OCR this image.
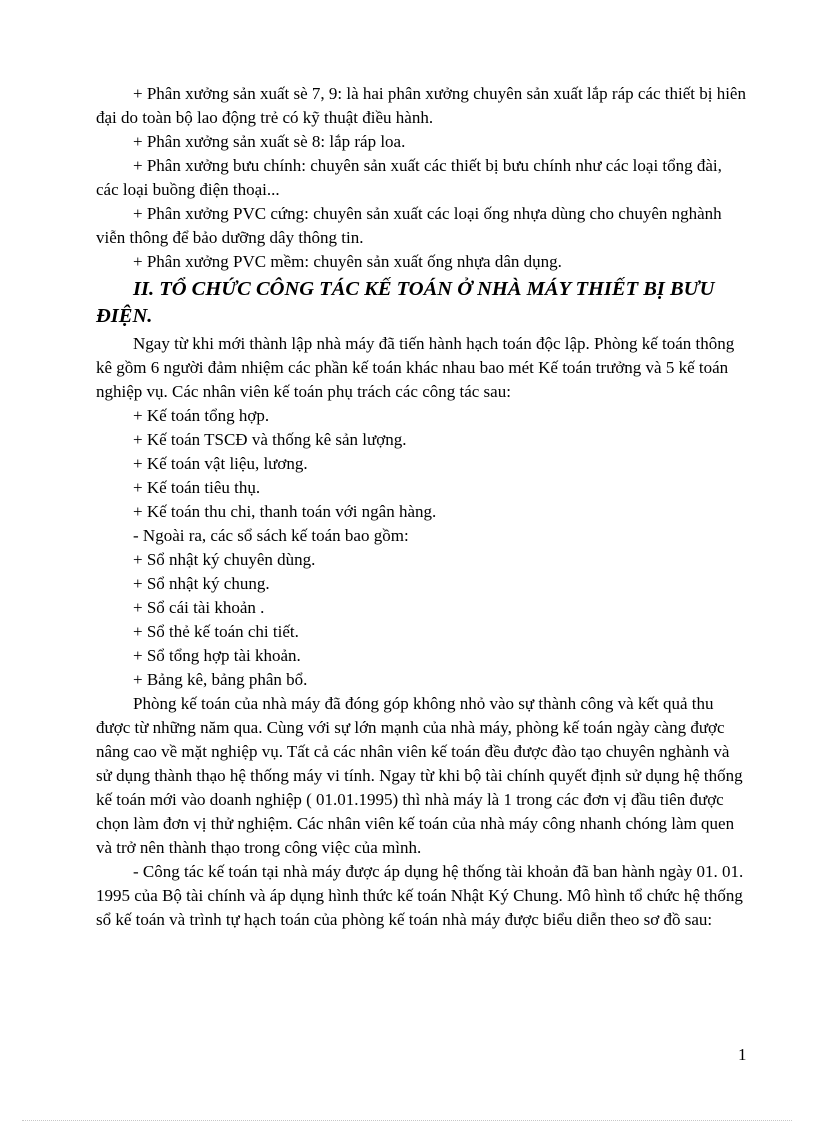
+ Phân xưởng sản xuất sè 7, 9: là hai phân xưởng chuyên sản xuất lắp ráp các thiết bị hiên đại do toàn bộ lao động trẻ có kỹ thuật điều hành.

+ Phân xưởng sản xuất sè 8: lắp ráp loa.

+ Phân xưởng bưu chính: chuyên sản xuất các thiết bị bưu chính như các loại tổng đài, các loại buồng điện thoại...

+ Phân xưởng PVC cứng: chuyên sản xuất các loại ống nhựa dùng cho chuyên nghành viễn thông để bảo dưỡng dây thông tin.

+ Phân xưởng PVC mềm: chuyên sản xuất ống nhựa dân dụng.

II. TỔ CHỨC CÔNG TÁC KẾ TOÁN Ở NHÀ MÁY THIẾT BỊ BƯU ĐIỆN.

Ngay từ khi mới thành lập nhà máy đã tiến hành hạch toán độc lập. Phòng kế toán thông kê gồm 6 người đảm nhiệm các phần kế toán khác nhau bao mét Kế toán trưởng và 5 kế toán nghiệp vụ. Các nhân viên kế toán phụ trách các công tác sau:

+ Kế toán tổng hợp.

+ Kế toán TSCĐ và thống kê sản lượng.

+ Kế toán vật liệu, lương.

+ Kế toán tiêu thụ.

+ Kế toán thu chi, thanh toán với ngân hàng.

- Ngoài ra, các sổ sách kế toán bao gồm:

+ Sổ nhật ký chuyên dùng.

+ Sổ nhật ký chung.

+ Sổ cái tài khoản .

+ Sổ thẻ kế toán chi tiết.

+ Sổ tổng hợp tài khoản.

+ Bảng kê, bảng phân bổ.

Phòng kế toán của nhà máy đã đóng góp không nhỏ vào sự thành công và kết quả thu được từ những năm qua. Cùng với sự lớn mạnh của nhà máy, phòng kế toán ngày càng được nâng cao về mặt nghiệp vụ. Tất cả các nhân viên kế toán đều được đào tạo chuyên nghành và sử dụng thành thạo hệ thống máy vi tính. Ngay từ khi bộ tài chính quyết định sử dụng hệ thống kế toán mới vào doanh nghiệp ( 01.01.1995) thì nhà máy là 1 trong các đơn vị đầu tiên được chọn làm đơn vị thử nghiệm. Các nhân viên kế toán của nhà máy công nhanh chóng làm quen và trở nên thành thạo trong công việc của mình.

- Công tác kế toán tại nhà máy được áp dụng hệ thống tài khoản đã ban hành ngày 01. 01. 1995 của Bộ tài chính và áp dụng hình thức kế toán Nhật Ký Chung. Mô hình tổ chức hệ thống sổ kế toán và trình tự hạch toán của phòng kế toán nhà máy được biểu diễn theo sơ đồ sau:

1
